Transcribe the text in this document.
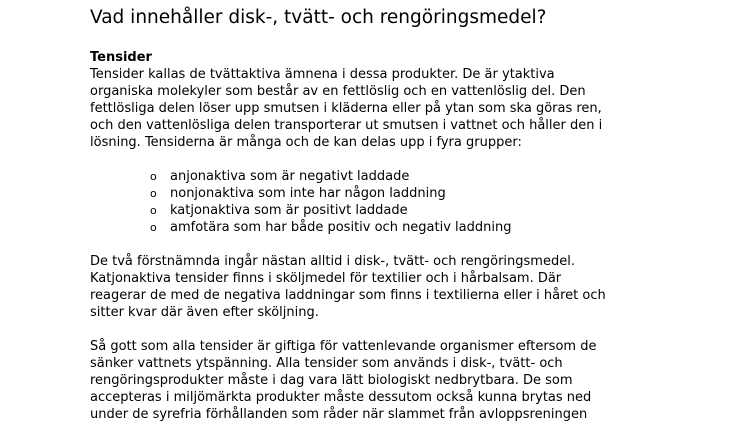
Vad innehåller disk-, tvätt- och rengöringsmedel?
Tensider

Tensider kallas de tvättaktiva ämnena i dessa produkter. De är ytaktiva
organiska molekyler som består av en fettlöslig och en vattenlöslig del. Den
fettlösliga delen löser upp smutsen i kläderna eller på ytan som ska göras ren,
och den vattenlösliga delen transporterar ut smutsen i vattnet och håller den i
lösning. Tensiderna är många och de kan delas upp i fyra grupper:

o anjonaktiva som är negativt laddade
o nonjonaktiva som inte har någon laddning
o katjonaktiva som är positivt laddade
o amfotära som har både positiv och negativ laddning

De två förstnämnda ingår nästan alltid i disk-, tvätt- och rengöringsmedel.
Katjonaktiva tensider finns i sköljmedel för textilier och i hårbalsam. Där
reagerar de med de negativa laddningar som finns i textilierna eller i håret och
sitter kvar där även efter sköljning.

Så gott som alla tensider är giftiga för vattenlevande organismer eftersom de
sänker vattnets ytspänning. Alla tensider som används i disk-, tvätt- och
rengöringsprodukter måste i dag vara lätt biologiskt nedbrytbara. De som
accepteras i miljömärkta produkter måste dessutom också kunna brytas ned
under de syrefria förhållanden som råder när slammet från avloppsreningen
